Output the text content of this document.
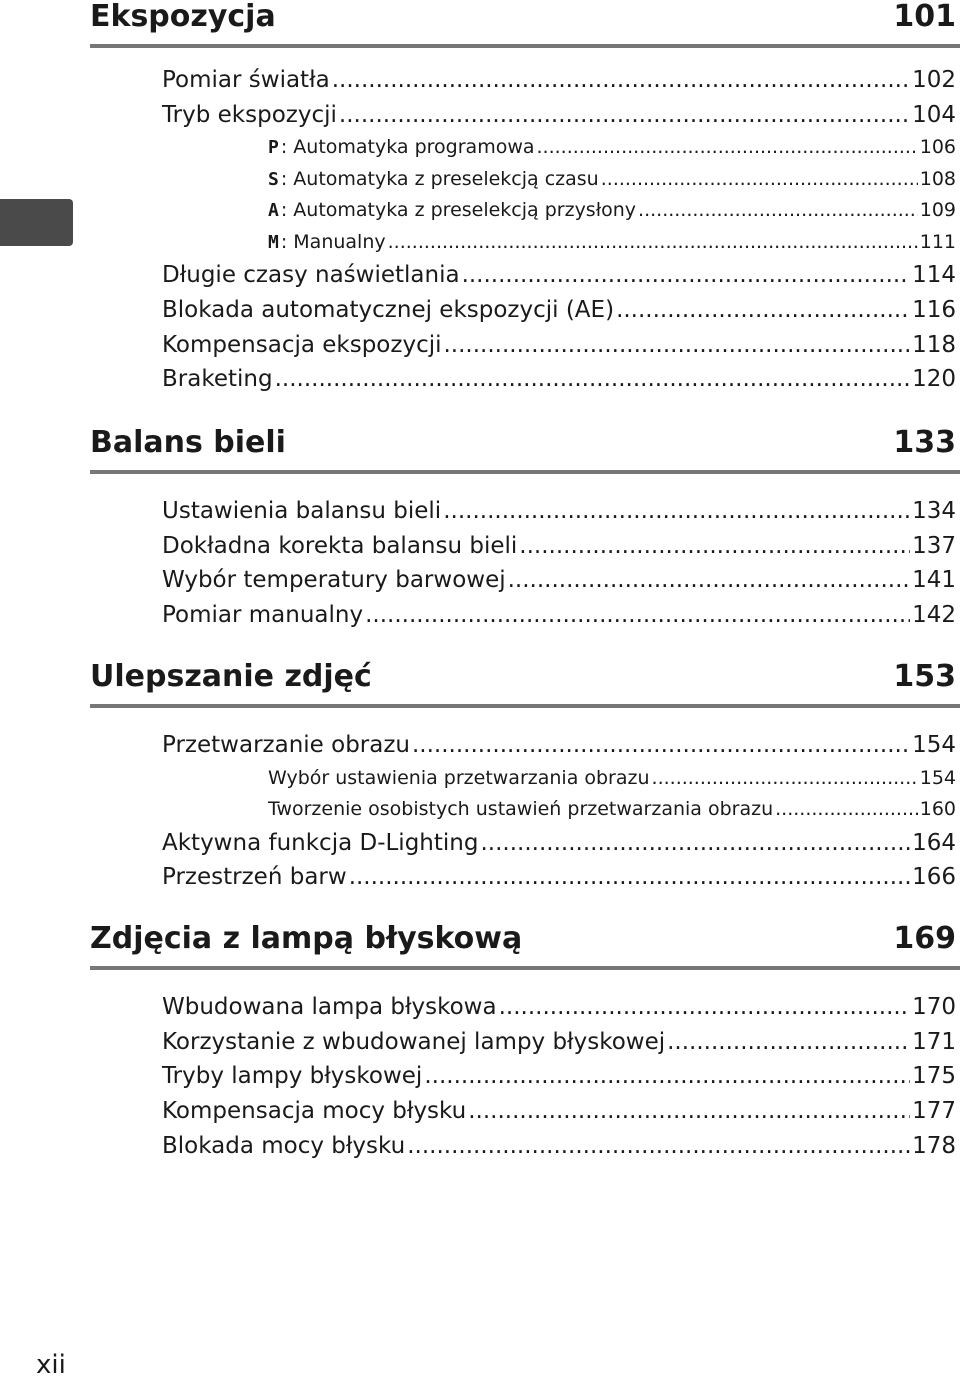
Ekspozycja	101
Pomiar światła .....	102
Tryb ekspozycji .....	104
P : Automatyka programowa .....	106
S : Automatyka z preselekcją czasu .....	108
A : Automatyka z preselekcją przysłony .....	109
M : Manualny .....	111
Długie czasy naświetlania .....	114
Blokada automatycznej ekspozycji (AE) .....	116
Kompensacja ekspozycji .....	118
Braketing .....	120
Balans bieli	133
Ustawienia balansu bieli .....	134
Dokładna korekta balansu bieli .....	137
Wybór temperatury barwowej .....	141
Pomiar manualny .....	142
Ulepszanie zdjęć	153
Przetwarzanie obrazu .....	154
Wybór ustawienia przetwarzania obrazu .....	154
Tworzenie osobistych ustawień przetwarzania obrazu .....	160
Aktywna funkcja D-Lighting .....	164
Przestrzeń barw .....	166
Zdjęcia z lampą błyskową	169
Wbudowana lampa błyskowa .....	170
Korzystanie z wbudowanej lampy błyskowej .....	171
Tryby lampy błyskowej .....	175
Kompensacja mocy błysku .....	177
Blokada mocy błysku .....	178
xii
